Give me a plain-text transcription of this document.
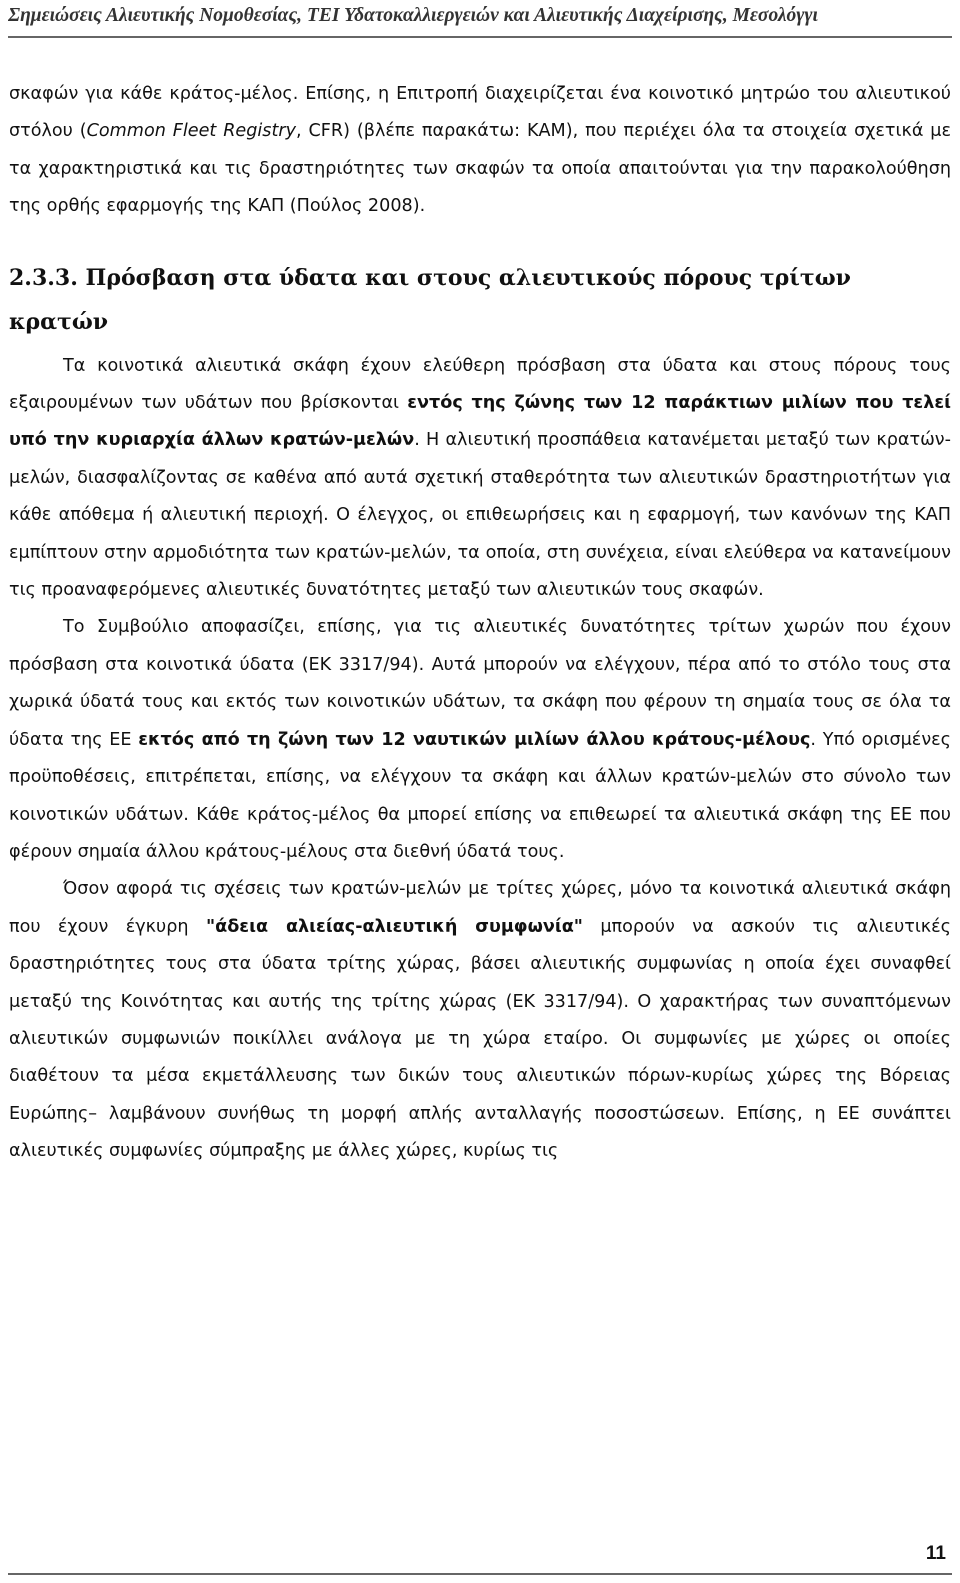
Σημειώσεις Αλιευτικής Νομοθεσίας, ΤΕΙ Υδατοκαλλιεργειών και Αλιευτικής Διαχείρισης, Μεσολόγγι

σκαφών για κάθε κράτος-μέλος. Επίσης, η Επιτροπή διαχειρίζεται ένα κοινοτικό μητρώο του αλιευτικού στόλου (Common Fleet Registry, CFR) (βλέπε παρακάτω: ΚΑΜ), που περιέχει όλα τα στοιχεία σχετικά με τα χαρακτηριστικά και τις δραστηριότητες των σκαφών τα οποία απαιτούνται για την παρακολούθηση της ορθής εφαρμογής της ΚΑΠ (Πούλος 2008).

2.3.3. Πρόσβαση στα ύδατα και στους αλιευτικούς πόρους τρίτων κρατών

Τα κοινοτικά αλιευτικά σκάφη έχουν ελεύθερη πρόσβαση στα ύδατα και στους πόρους τους εξαιρουμένων των υδάτων που βρίσκονται εντός της ζώνης των 12 παράκτιων μιλίων που τελεί υπό την κυριαρχία άλλων κρατών-μελών. Η αλιευτική προσπάθεια κατανέμεται μεταξύ των κρατών-μελών, διασφαλίζοντας σε καθένα από αυτά σχετική σταθερότητα των αλιευτικών δραστηριοτήτων για κάθε απόθεμα ή αλιευτική περιοχή. Ο έλεγχος, οι επιθεωρήσεις και η εφαρμογή, των κανόνων της ΚΑΠ εμπίπτουν στην αρμοδιότητα των κρατών-μελών, τα οποία, στη συνέχεια, είναι ελεύθερα να κατανείμουν τις προαναφερόμενες αλιευτικές δυνατότητες μεταξύ των αλιευτικών τους σκαφών.

Το Συμβούλιο αποφασίζει, επίσης, για τις αλιευτικές δυνατότητες τρίτων χωρών που έχουν πρόσβαση στα κοινοτικά ύδατα (ΕΚ 3317/94). Αυτά μπορούν να ελέγχουν, πέρα από το στόλο τους στα χωρικά ύδατά τους και εκτός των κοινοτικών υδάτων, τα σκάφη που φέρουν τη σημαία τους σε όλα τα ύδατα της ΕΕ εκτός από τη ζώνη των 12 ναυτικών μιλίων άλλου κράτους-μέλους. Υπό ορισμένες προϋποθέσεις, επιτρέπεται, επίσης, να ελέγχουν τα σκάφη και άλλων κρατών-μελών στο σύνολο των κοινοτικών υδάτων. Κάθε κράτος-μέλος θα μπορεί επίσης να επιθεωρεί τα αλιευτικά σκάφη της ΕΕ που φέρουν σημαία άλλου κράτους-μέλους στα διεθνή ύδατά τους.

Όσον αφορά τις σχέσεις των κρατών-μελών με τρίτες χώρες, μόνο τα κοινοτικά αλιευτικά σκάφη που έχουν έγκυρη "άδεια αλιείας-αλιευτική συμφωνία" μπορούν να ασκούν τις αλιευτικές δραστηριότητες τους στα ύδατα τρίτης χώρας, βάσει αλιευτικής συμφωνίας η οποία έχει συναφθεί μεταξύ της Κοινότητας και αυτής της τρίτης χώρας (ΕΚ 3317/94). Ο χαρακτήρας των συναπτόμενων αλιευτικών συμφωνιών ποικίλλει ανάλογα με τη χώρα εταίρο. Οι συμφωνίες με χώρες οι οποίες διαθέτουν τα μέσα εκμετάλλευσης των δικών τους αλιευτικών πόρων-κυρίως χώρες της Βόρειας Ευρώπης– λαμβάνουν συνήθως τη μορφή απλής ανταλλαγής ποσοστώσεων. Επίσης, η ΕΕ συνάπτει αλιευτικές συμφωνίες σύμπραξης με άλλες χώρες, κυρίως τις

11
